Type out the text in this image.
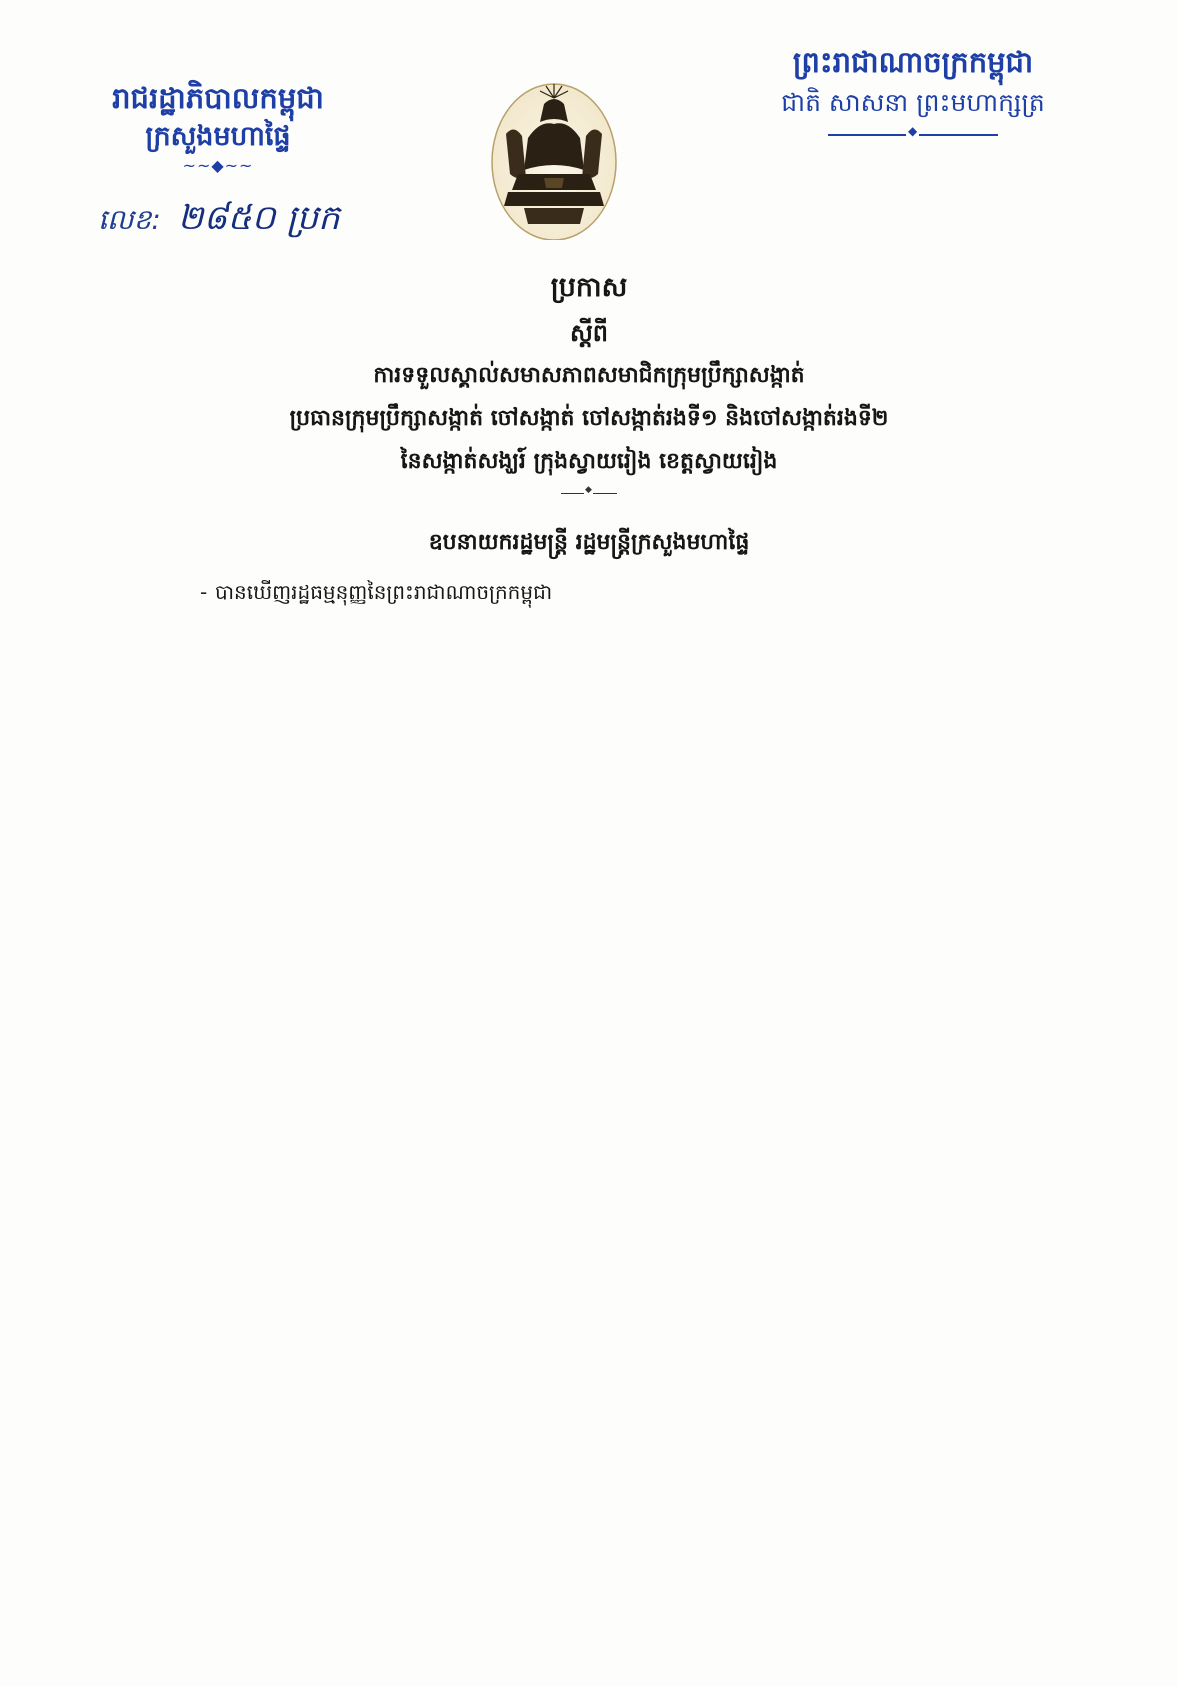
រាជរដ្ឋាភិបាលកម្ពុជា
ក្រសួងមហាផ្ទៃ
~~◆~~
លេខ: ២៨៥០ ប្រក
ព្រះរាជាណាចក្រកម្ពុជា
ជាតិ សាសនា ព្រះមហាក្សត្រ
◆
ប្រកាស
ស្តីពី
ការទទួលស្គាល់សមាសភាពសមាជិកក្រុមប្រឹក្សាសង្កាត់
ប្រធានក្រុមប្រឹក្សាសង្កាត់ ចៅសង្កាត់ ចៅសង្កាត់រងទី១ និងចៅសង្កាត់រងទី២
នៃសង្កាត់សង្ឃរ៍ ក្រុងស្វាយរៀង ខេត្តស្វាយរៀង
◆
ឧបនាយករដ្ឋមន្ត្រី រដ្ឋមន្ត្រីក្រសួងមហាផ្ទៃ
- បានឃើញរដ្ឋធម្មនុញ្ញនៃព្រះរាជាណាចក្រកម្ពុជា
